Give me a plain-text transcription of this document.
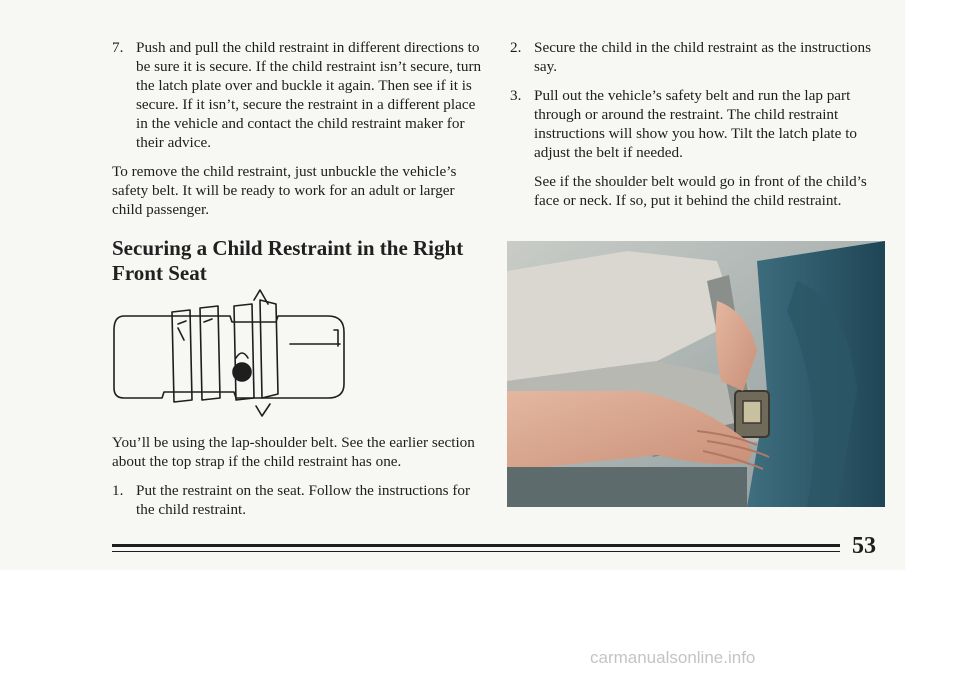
7. Push and pull the child restraint in different directions to be sure it is secure. If the child restraint isn’t secure, turn the latch plate over and buckle it again. Then see if it is secure. If it isn’t, secure the restraint in a different place in the vehicle and contact the child restraint maker for their advice.

To remove the child restraint, just unbuckle the vehicle’s safety belt. It will be ready to work for an adult or larger child passenger.

Securing a Child Restraint in the Right Front Seat

You’ll be using the lap-shoulder belt. See the earlier section about the top strap if the child restraint has one.

1. Put the restraint on the seat. Follow the instructions for the child restraint.
2. Secure the child in the child restraint as the instructions say.
3. Pull out the vehicle’s safety belt and run the lap part through or around the restraint. The child restraint instructions will show you how. Tilt the latch plate to adjust the belt if needed.

See if the shoulder belt would go in front of the child’s face or neck. If so, put it behind the child restraint.

53
carmanualsonline.info
